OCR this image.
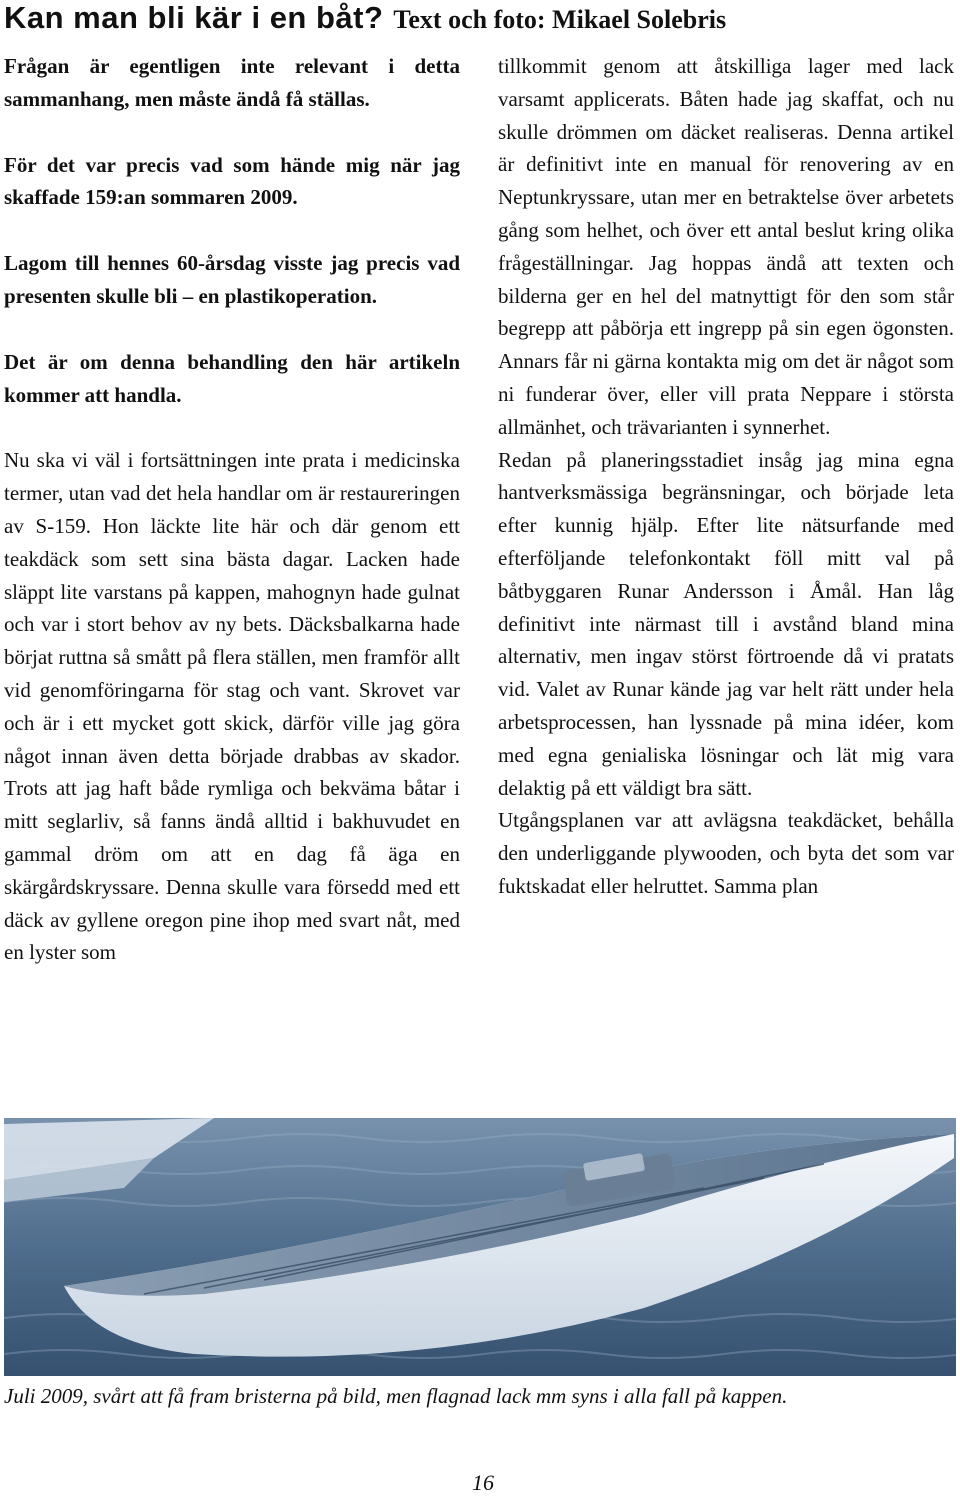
Kan man bli kär i en båt? Text och foto: Mikael Solebris

Frågan är egentligen inte relevant i detta sammanhang, men måste ändå få ställas.

För det var precis vad som hände mig när jag skaffade 159:an sommaren 2009.

Lagom till hennes 60-årsdag visste jag precis vad presenten skulle bli – en plastikoperation.

Det är om denna behandling den här artikeln kommer att handla.

Nu ska vi väl i fortsättningen inte prata i medicinska termer, utan vad det hela handlar om är restaureringen av S-159. Hon läckte lite här och där genom ett teakdäck som sett sina bästa dagar. Lacken hade släppt lite varstans på kappen, mahognyn hade gulnat och var i stort behov av ny bets. Däcksbalkarna hade börjat ruttna så smått på flera ställen, men framför allt vid genomföringarna för stag och vant. Skrovet var och är i ett mycket gott skick, därför ville jag göra något innan även detta började drabbas av skador. Trots att jag haft både rymliga och bekväma båtar i mitt seglarliv, så fanns ändå alltid i bakhuvudet en gammal dröm om att en dag få äga en skärgårdskryssare. Denna skulle vara försedd med ett däck av gyllene oregon pine ihop med svart nåt, med en lyster som

tillkommit genom att åtskilliga lager med lack varsamt applicerats. Båten hade jag skaffat, och nu skulle drömmen om däcket realiseras. Denna artikel är definitivt inte en manual för renovering av en Neptunkryssare, utan mer en betraktelse över arbetets gång som helhet, och över ett antal beslut kring olika frågeställningar. Jag hoppas ändå att texten och bilderna ger en hel del matnyttigt för den som står begrepp att påbörja ett ingrepp på sin egen ögonsten. Annars får ni gärna kontakta mig om det är något som ni funderar över, eller vill prata Neppare i största allmänhet, och trävarianten i synnerhet.

Redan på planeringsstadiet insåg jag mina egna hantverksmässiga begränsningar, och började leta efter kunnig hjälp. Efter lite nätsurfande med efterföljande telefonkontakt föll mitt val på båtbyggaren Runar Andersson i Åmål. Han låg definitivt inte närmast till i avstånd bland mina alternativ, men ingav störst förtroende då vi pratats vid. Valet av Runar kände jag var helt rätt under hela arbetsprocessen, han lyssnade på mina idéer, kom med egna genialiska lösningar och lät mig vara delaktig på ett väldigt bra sätt.

Utgångsplanen var att avlägsna teakdäcket, behålla den underliggande plywooden, och byta det som var fuktskadat eller helruttet. Samma plan

Juli 2009, svårt att få fram bristerna på bild, men flagnad lack mm syns i alla fall på kappen.
16
